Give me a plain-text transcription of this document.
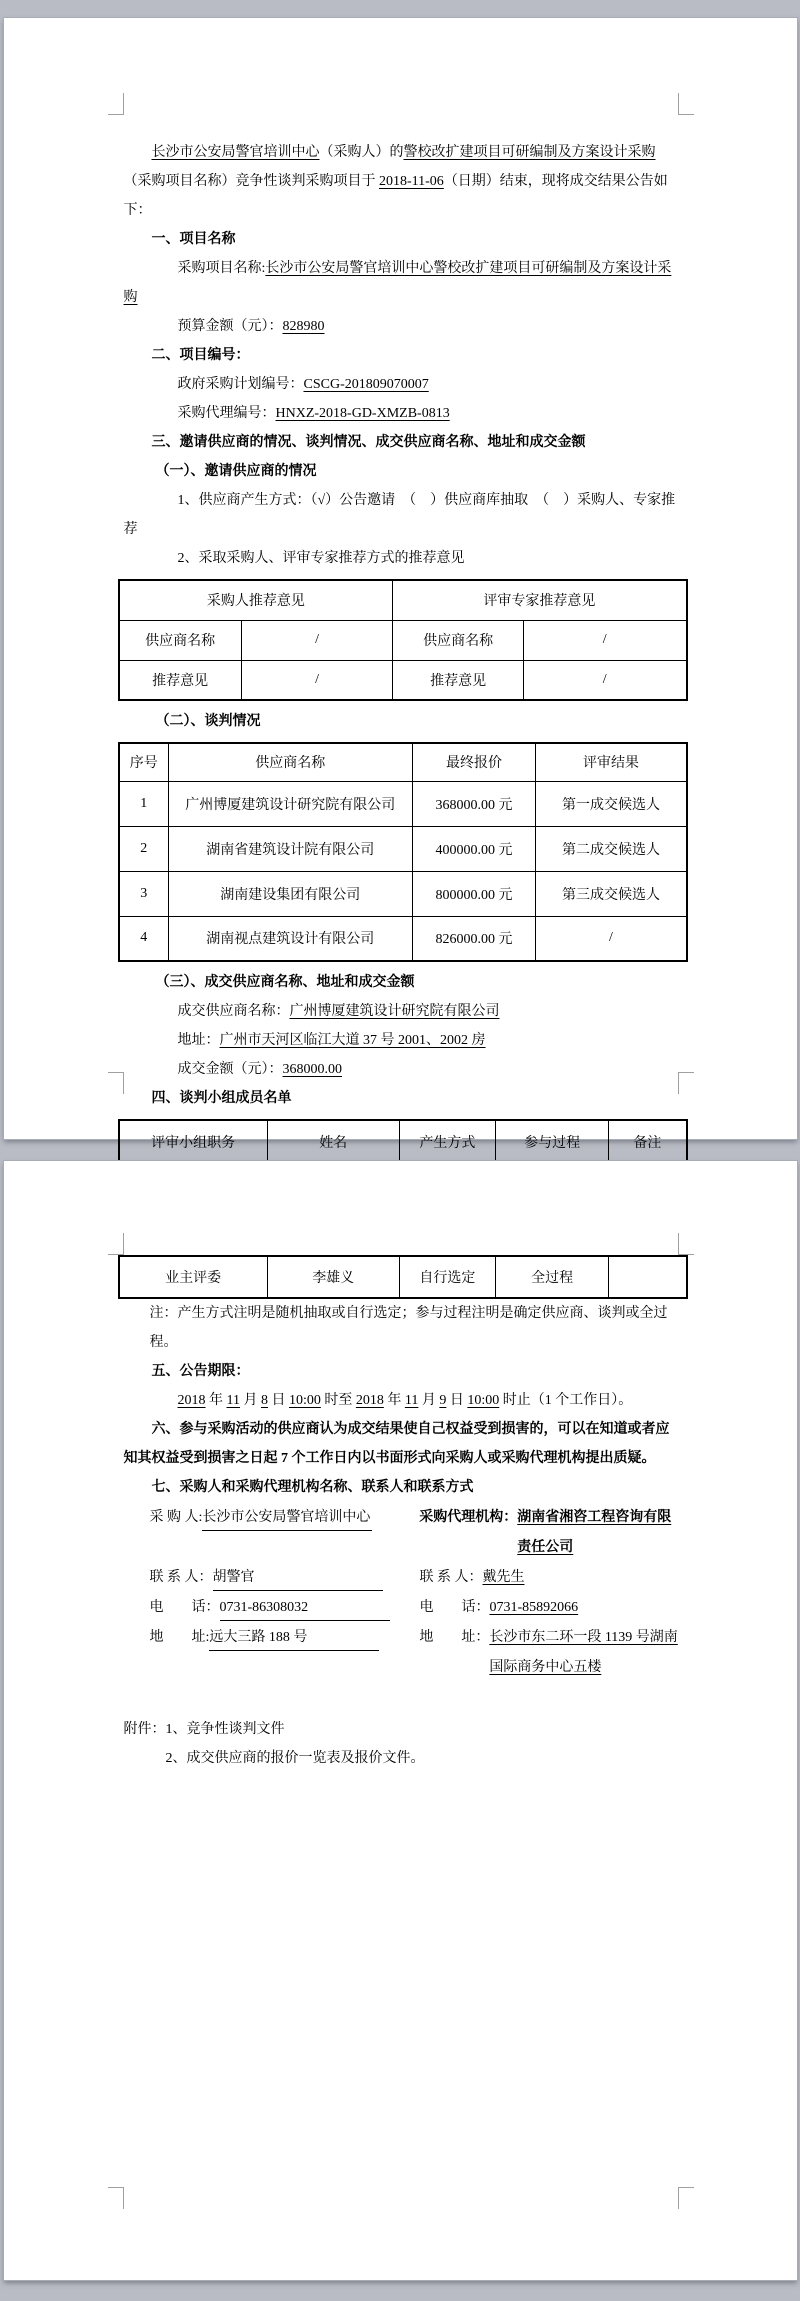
长沙市公安局警官培训中心（采购人）的警校改扩建项目可研编制及方案设计采购（采购项目名称）竞争性谈判采购项目于 2018-11-06（日期）结束，现将成交结果公告如下：

一、项目名称

采购项目名称:长沙市公安局警官培训中心警校改扩建项目可研编制及方案设计采购

预算金额（元）：828980

二、项目编号：

政府采购计划编号：CSCG-201809070007

采购代理编号：HNXZ-2018-GD-XMZB-0813

三、邀请供应商的情况、谈判情况、成交供应商名称、地址和成交金额

（一）、邀请供应商的情况

1、供应商产生方式：（√）公告邀请　（　）供应商库抽取　（　）采购人、专家推荐

2、采取采购人、评审专家推荐方式的推荐意见

采购人推荐意见		评审专家推荐意见	
供应商名称	/	供应商名称	/
推荐意见	/	推荐意见	/

（二）、谈判情况

序号	供应商名称	最终报价	评审结果
1	广州博厦建筑设计研究院有限公司	368000.00 元	第一成交候选人
2	湖南省建筑设计院有限公司	400000.00 元	第二成交候选人
3	湖南建设集团有限公司	800000.00 元	第三成交候选人
4	湖南视点建筑设计有限公司	826000.00 元	/

（三）、成交供应商名称、地址和成交金额

成交供应商名称：广州博厦建筑设计研究院有限公司

地址：广州市天河区临江大道 37 号 2001、2002 房

成交金额（元）：368000.00

四、谈判小组成员名单

评审小组职务	姓名	产生方式	参与过程	备注

业主评委	李雄义	自行选定	全过程	

注：产生方式注明是随机抽取或自行选定；参与过程注明是确定供应商、谈判或全过程。

五、公告期限：

2018 年 11 月 8 日 10:00 时至 2018 年 11 月 9 日 10:00 时止（1 个工作日）。

六、参与采购活动的供应商认为成交结果使自己权益受到损害的，可以在知道或者应知其权益受到损害之日起 7 个工作日内以书面形式向采购人或采购代理机构提出质疑。

七、采购人和采购代理机构名称、联系人和联系方式

采 购 人:长沙市公安局警官培训中心	采购代理机构：湖南省湘咨工程咨询有限责任公司
联 系 人：胡警官	联 系 人：戴先生
电　　话：0731-86308032	电　　话：0731-85892066
地　　址:远大三路 188 号	地　　址：长沙市东二环一段 1139 号湖南国际商务中心五楼

附件：1、竞争性谈判文件

2、成交供应商的报价一览表及报价文件。
